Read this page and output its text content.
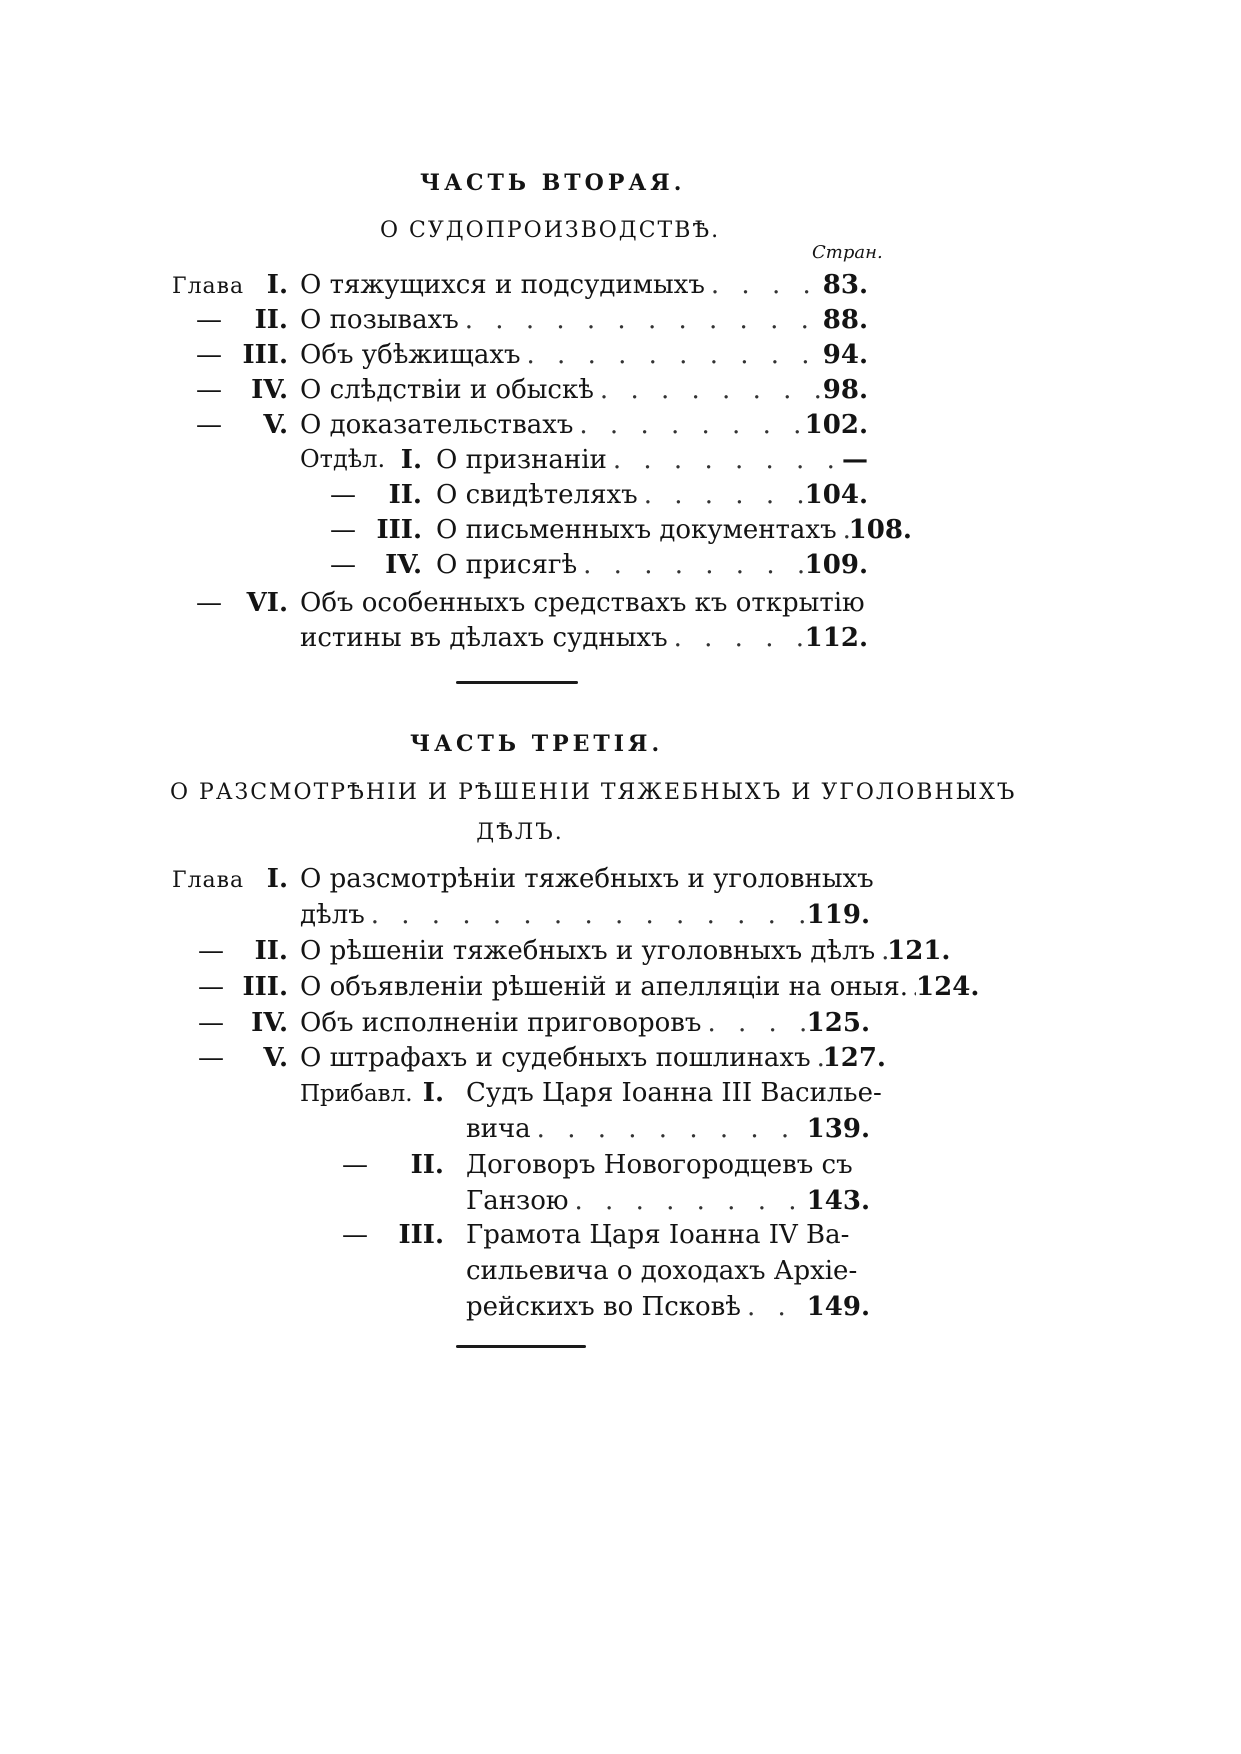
ЧАСТЬ ВТОРАЯ.
О СУДОПРОИЗВОДСТВѢ.
Стран.
Глава I. О тяжущихся и подсудимыхъ . . .	83.
—	II. О позывахъ . . .	88.
— III. Объ убѣжищахъ . . .	94.
—	IV. О слѣдствіи и обыскѣ . . .	98.
—	V. О доказательствахъ . . .	102.
Отдѣл. I. О признаніи . . .	—
—	II. О свидѣтеляхъ . . .	104.
— III. О письменныхъ документахъ . . . 108.
—	IV. О присягѣ . . .	109.
— VI. Объ особенныхъ средствахъ къ открытію
истины въ дѣлахъ судныхъ . . .	112.
ЧАСТЬ ТРЕТІЯ.
О РАЗСМОТРѢНІИ И РѢШЕНІИ ТЯЖЕБНЫХЪ И УГОЛОВНЫХЪ
ДѢЛЪ.
Глава I. О разсмотрѣніи тяжебныхъ и уголовныхъ
дѣлъ . . .	119.
—	II. О рѣшеніи тяжебныхъ и уголовныхъ дѣлъ . . . 121.
— III. О объявленіи рѣшеній и апелляціи на оныя. . . . 124.
—	IV. Объ исполненіи приговоровъ . . .	125.
—	V. О штрафахъ и судебныхъ пошлинахъ . . . 127.
Прибавл. I. Судъ Царя Іоанна III Васильe-
вича . . .	139.
—	II. Договоръ Новогородцевъ съ
Ганзою . . .	143.
—	III. Грамота Царя Іоанна IV Ва-
сильевича о доходахъ Архіе-
рейскихъ во Псковѣ . . .	149.
